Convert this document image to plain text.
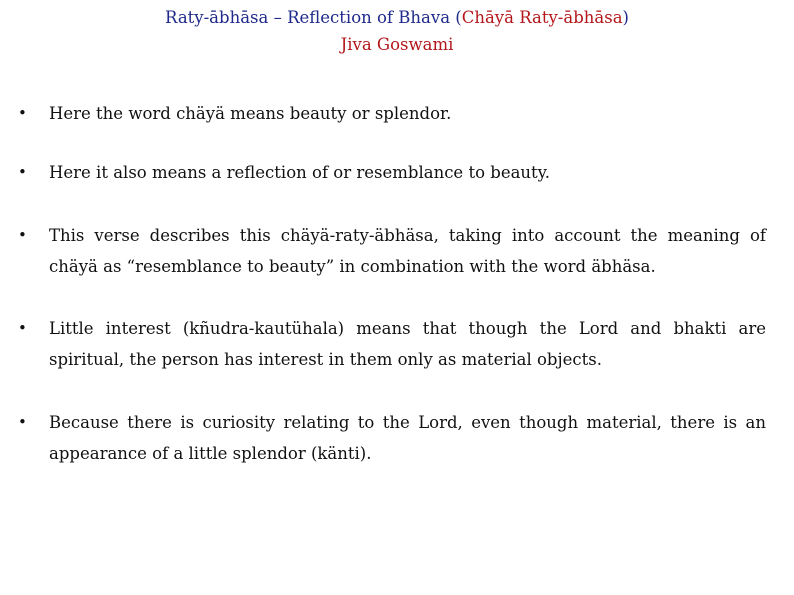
Raty-ābhāsa – Reflection of Bhava (Chāyā Raty-ābhāsa)
Jiva Goswami
•	Here the word chäyä means beauty or splendor.
•	Here it also means a reflection of or resemblance to beauty.
•	This verse describes this chäyä-raty-äbhäsa, taking into account the meaning of chäyä as “resemblance to beauty” in combination with the word äbhäsa.
•	Little interest (kñudra-kautühala) means that though the Lord and bhakti are spiritual, the person has interest in them only as material objects.
•	Because there is curiosity relating to the Lord, even though material, there is an appearance of a little splendor (känti).
